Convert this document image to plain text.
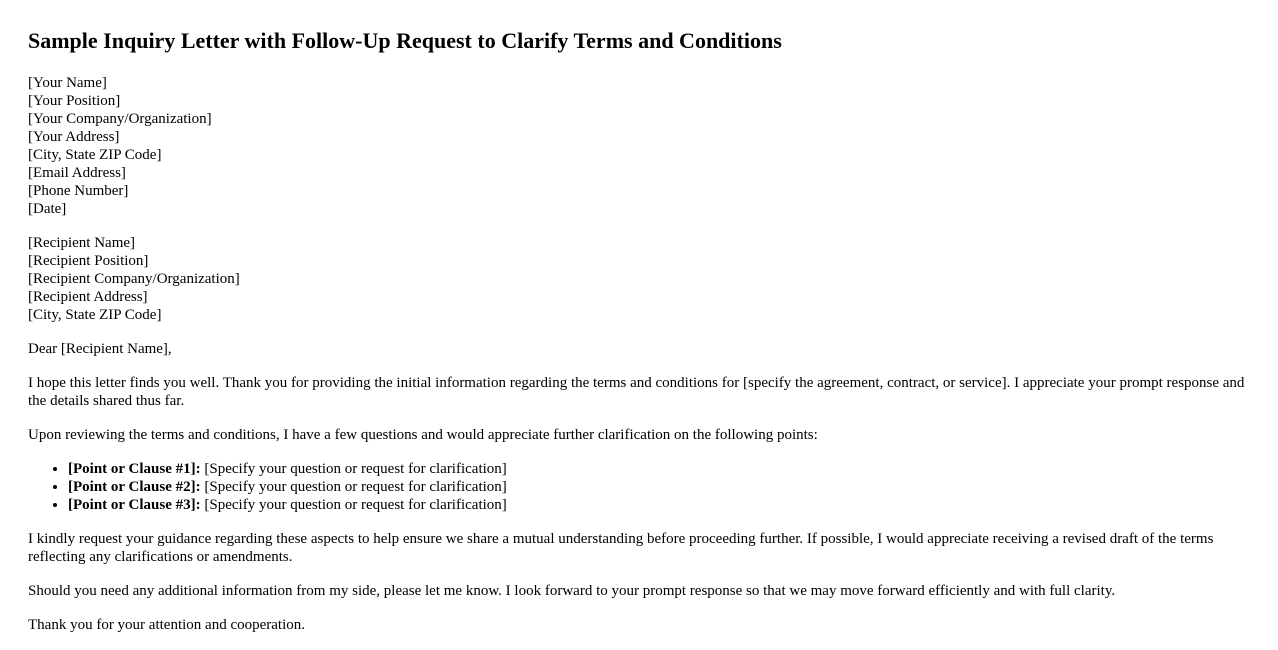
Sample Inquiry Letter with Follow-Up Request to Clarify Terms and Conditions
[Your Name]
[Your Position]
[Your Company/Organization]
[Your Address]
[City, State ZIP Code]
[Email Address]
[Phone Number]
[Date]
[Recipient Name]
[Recipient Position]
[Recipient Company/Organization]
[Recipient Address]
[City, State ZIP Code]

Dear [Recipient Name],

I hope this letter finds you well. Thank you for providing the initial information regarding the terms and conditions for [specify the agreement, contract, or service]. I appreciate your prompt response and the details shared thus far.

Upon reviewing the terms and conditions, I have a few questions and would appreciate further clarification on the following points:

• [Point or Clause #1]: [Specify your question or request for clarification]
• [Point or Clause #2]: [Specify your question or request for clarification]
• [Point or Clause #3]: [Specify your question or request for clarification]

I kindly request your guidance regarding these aspects to help ensure we share a mutual understanding before proceeding further. If possible, I would appreciate receiving a revised draft of the terms reflecting any clarifications or amendments.

Should you need any additional information from my side, please let me know. I look forward to your prompt response so that we may move forward efficiently and with full clarity.

Thank you for your attention and cooperation.
